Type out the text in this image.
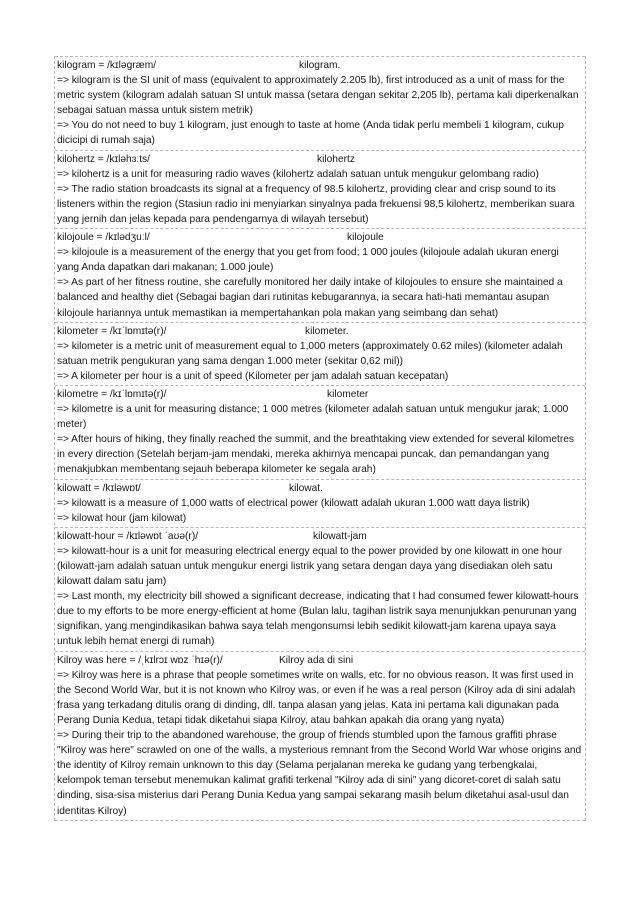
kilogram = /kɪləɡræm/	kilogram.

=> kilogram is the SI unit of mass (equivalent to approximately 2.205 lb), first introduced as a unit of mass for the metric system (kilogram adalah satuan SI untuk massa (setara dengan sekitar 2,205 lb), pertama kali diperkenalkan sebagai satuan massa untuk sistem metrik)

=> You do not need to buy 1 kilogram, just enough to taste at home (Anda tidak perlu membeli 1 kilogram, cukup dicicipi di rumah saja)

kilohertz = /kɪləhɜːts/	kilohertz

=> kilohertz is a unit for measuring radio waves (kilohertz adalah satuan untuk mengukur gelombang radio)

=> The radio station broadcasts its signal at a frequency of 98.5 kilohertz, providing clear and crisp sound to its listeners within the region (Stasiun radio ini menyiarkan sinyalnya pada frekuensi 98,5 kilohertz, memberikan suara yang jernih dan jelas kepada para pendengarnya di wilayah tersebut)

kilojoule = /kɪlədʒuːl/	kilojoule

=> kilojoule is a measurement of the energy that you get from food; 1 000 joules (kilojoule adalah ukuran energi yang Anda dapatkan dari makanan; 1.000 joule)

=> As part of her fitness routine, she carefully monitored her daily intake of kilojoules to ensure she maintained a balanced and healthy diet (Sebagai bagian dari rutinitas kebugarannya, ia secara hati-hati memantau asupan kilojoule hariannya untuk memastikan ia mempertahankan pola makan yang seimbang dan sehat)

kilometer = /kɪˈlɒmɪtə(r)/	kilometer.

=> kilometer is a metric unit of measurement equal to 1,000 meters (approximately 0.62 miles) (kilometer adalah satuan metrik pengukuran yang sama dengan 1.000 meter (sekitar 0,62 mil))

=> A kilometer per hour is a unit of speed (Kilometer per jam adalah satuan kecepatan)

kilometre = /kɪˈlɒmɪtə(r)/	kilometer

=> kilometre is a unit for measuring distance; 1 000 metres (kilometer adalah satuan untuk mengukur jarak; 1.000 meter)

=> After hours of hiking, they finally reached the summit, and the breathtaking view extended for several kilometres in every direction (Setelah berjam-jam mendaki, mereka akhirnya mencapai puncak, dan pemandangan yang menakjubkan membentang sejauh beberapa kilometer ke segala arah)

kilowatt = /kɪləwɒt/	kilowat.

=> kilowatt is a measure of 1,000 watts of electrical power (kilowatt adalah ukuran 1.000 watt daya listrik)

=> kilowat hour (jam kilowat)

kilowatt-hour = /kɪləwɒt ˈaʊə(r)/	kilowatt-jam

=> kilowatt-hour is a unit for measuring electrical energy equal to the power provided by one kilowatt in one hour (kilowatt-jam adalah satuan untuk mengukur energi listrik yang setara dengan daya yang disediakan oleh satu kilowatt dalam satu jam)

=> Last month, my electricity bill showed a significant decrease, indicating that I had consumed fewer kilowatt-hours due to my efforts to be more energy-efficient at home (Bulan lalu, tagihan listrik saya menunjukkan penurunan yang signifikan, yang mengindikasikan bahwa saya telah mengonsumsi lebih sedikit kilowatt-jam karena upaya saya untuk lebih hemat energi di rumah)

Kilroy was here = /ˌkɪlrɔɪ wɒz ˈhɪə(r)/	Kilroy ada di sini

=> Kilroy was here is a phrase that people sometimes write on walls, etc. for no obvious reason. It was first used in the Second World War, but it is not known who Kilroy was, or even if he was a real person (Kilroy ada di sini adalah frasa yang terkadang ditulis orang di dinding, dll. tanpa alasan yang jelas. Kata ini pertama kali digunakan pada Perang Dunia Kedua, tetapi tidak diketahui siapa Kilroy, atau bahkan apakah dia orang yang nyata)

=> During their trip to the abandoned warehouse, the group of friends stumbled upon the famous graffiti phrase "Kilroy was here" scrawled on one of the walls, a mysterious remnant from the Second World War whose origins and the identity of Kilroy remain unknown to this day (Selama perjalanan mereka ke gudang yang terbengkalai, kelompok teman tersebut menemukan kalimat grafiti terkenal "Kilroy ada di sini" yang dicoret-coret di salah satu dinding, sisa-sisa misterius dari Perang Dunia Kedua yang sampai sekarang masih belum diketahui asal-usul dan identitas Kilroy)
